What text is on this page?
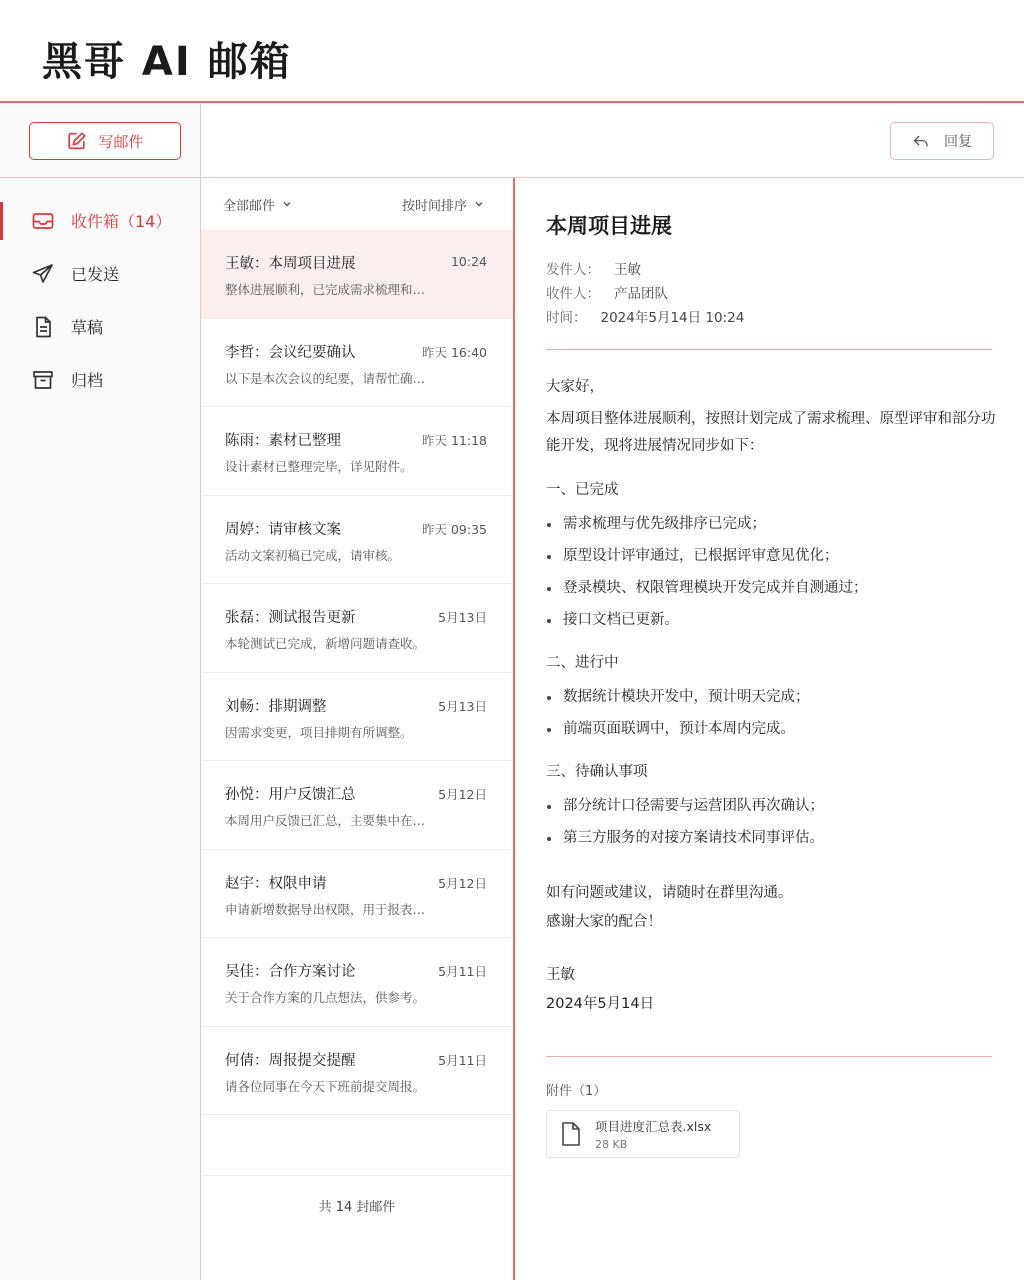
黑哥 AI 邮箱
写邮件
收件箱（14）
已发送
草稿
归档
回复
全部邮件	按时间排序
王敏：本周项目进展	10:24
整体进展顺利，已完成需求梳理和…
李哲：会议纪要确认	昨天 16:40
以下是本次会议的纪要，请帮忙确…
陈雨：素材已整理	昨天 11:18
设计素材已整理完毕，详见附件。
周婷：请审核文案	昨天 09:35
活动文案初稿已完成，请审核。
张磊：测试报告更新	5月13日
本轮测试已完成，新增问题请查收。
刘畅：排期调整	5月13日
因需求变更，项目排期有所调整。
孙悦：用户反馈汇总	5月12日
本周用户反馈已汇总，主要集中在…
赵宇：权限申请	5月12日
申请新增数据导出权限，用于报表…
吴佳：合作方案讨论	5月11日
关于合作方案的几点想法，供参考。
何倩：周报提交提醒	5月11日
请各位同事在今天下班前提交周报。
共 14 封邮件
本周项目进展
发件人： 王敏
收件人： 产品团队
时间： 2024年5月14日 10:24

大家好，

本周项目整体进展顺利，按照计划完成了需求梳理、原型评审和部分功能开发，现将进展情况同步如下：

一、已完成

需求梳理与优先级排序已完成；
原型设计评审通过，已根据评审意见优化；
登录模块、权限管理模块开发完成并自测通过；
接口文档已更新。

二、进行中

数据统计模块开发中，预计明天完成；
前端页面联调中，预计本周内完成。

三、待确认事项

部分统计口径需要与运营团队再次确认；
第三方服务的对接方案请技术同事评估。

如有问题或建议，请随时在群里沟通。

感谢大家的配合！

王敏

2024年5月14日

附件（1）
项目进度汇总表.xlsx
28 KB
